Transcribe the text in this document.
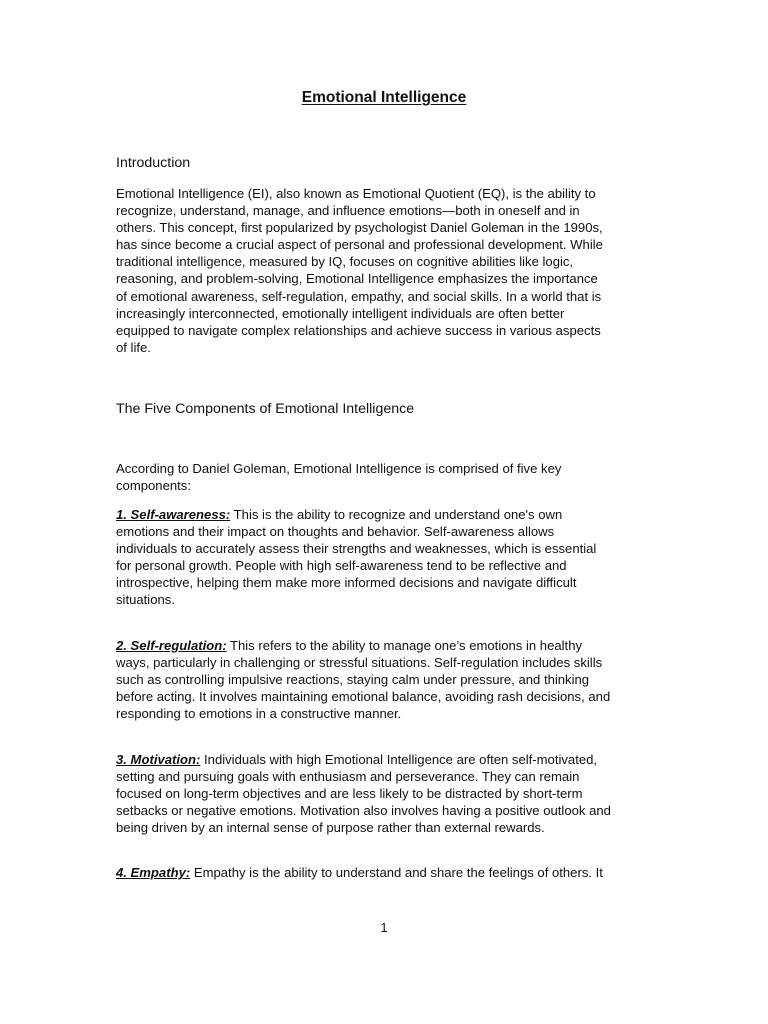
Emotional Intelligence
Introduction
Emotional Intelligence (EI), also known as Emotional Quotient (EQ), is the ability to
recognize, understand, manage, and influence emotions—both in oneself and in
others. This concept, first popularized by psychologist Daniel Goleman in the 1990s,
has since become a crucial aspect of personal and professional development. While
traditional intelligence, measured by IQ, focuses on cognitive abilities like logic,
reasoning, and problem-solving, Emotional Intelligence emphasizes the importance
of emotional awareness, self-regulation, empathy, and social skills. In a world that is
increasingly interconnected, emotionally intelligent individuals are often better
equipped to navigate complex relationships and achieve success in various aspects
of life.
The Five Components of Emotional Intelligence
According to Daniel Goleman, Emotional Intelligence is comprised of five key
components:
1. Self-awareness: This is the ability to recognize and understand one's own
emotions and their impact on thoughts and behavior. Self-awareness allows
individuals to accurately assess their strengths and weaknesses, which is essential
for personal growth. People with high self-awareness tend to be reflective and
introspective, helping them make more informed decisions and navigate difficult
situations.
2. Self-regulation: This refers to the ability to manage one’s emotions in healthy
ways, particularly in challenging or stressful situations. Self-regulation includes skills
such as controlling impulsive reactions, staying calm under pressure, and thinking
before acting. It involves maintaining emotional balance, avoiding rash decisions, and
responding to emotions in a constructive manner.
3. Motivation: Individuals with high Emotional Intelligence are often self-motivated,
setting and pursuing goals with enthusiasm and perseverance. They can remain
focused on long-term objectives and are less likely to be distracted by short-term
setbacks or negative emotions. Motivation also involves having a positive outlook and
being driven by an internal sense of purpose rather than external rewards.
4. Empathy: Empathy is the ability to understand and share the feelings of others. It
1
